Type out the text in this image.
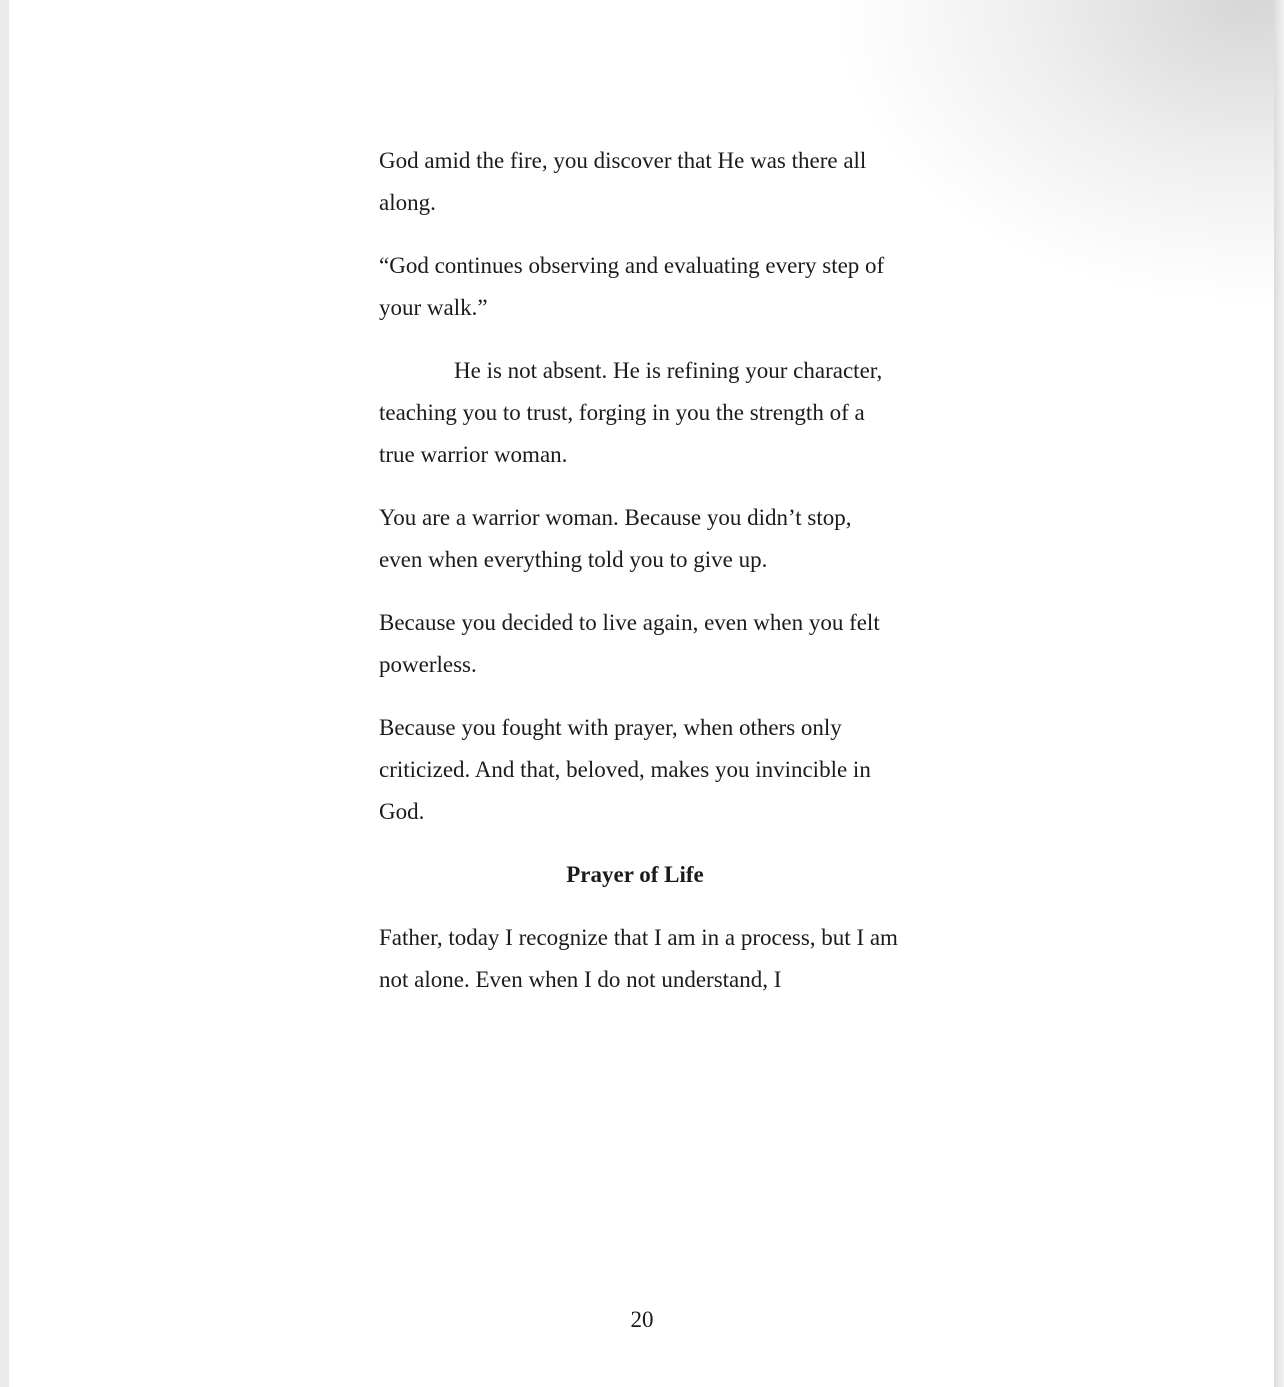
God amid the fire, you discover that He was there all along.

“God continues observing and evaluating every step of your walk.”

He is not absent. He is refining your character, teaching you to trust, forging in you the strength of a true warrior woman.

You are a warrior woman. Because you didn’t stop, even when everything told you to give up.

Because you decided to live again, even when you felt powerless.

Because you fought with prayer, when others only criticized. And that, beloved, makes you invincible in God.

Prayer of Life

Father, today I recognize that I am in a process, but I am not alone. Even when I do not understand, I

20
